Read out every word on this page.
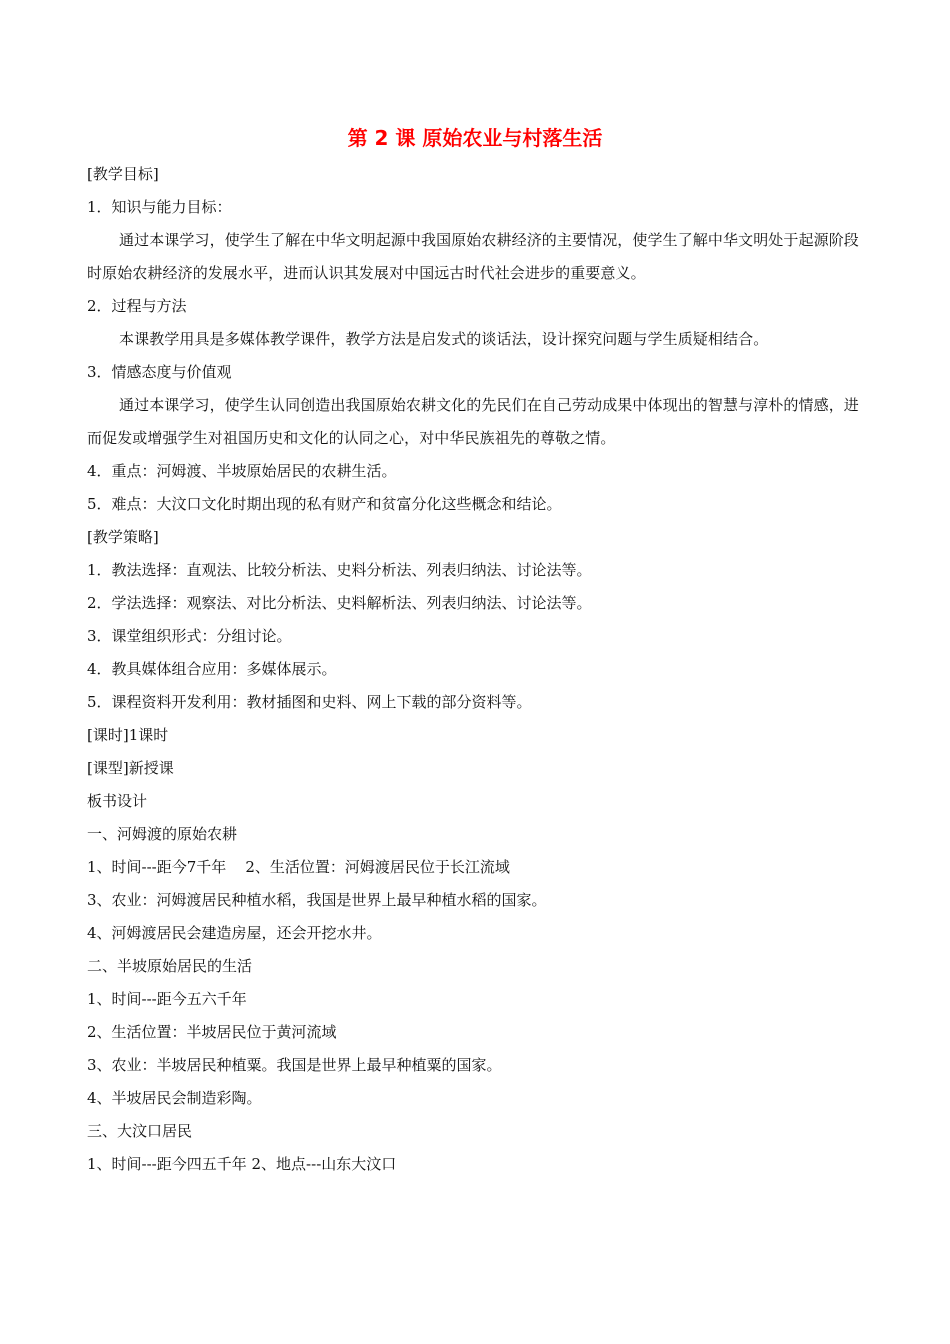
第 2 课 原始农业与村落生活
[教学目标]
1．知识与能力目标：
通过本课学习，使学生了解在中华文明起源中我国原始农耕经济的主要情况，使学生了解中华文明处于起源阶段时原始农耕经济的发展水平，进而认识其发展对中国远古时代社会进步的重要意义。
2．过程与方法
本课教学用具是多媒体教学课件，教学方法是启发式的谈话法，设计探究问题与学生质疑相结合。
3．情感态度与价值观
通过本课学习，使学生认同创造出我国原始农耕文化的先民们在自己劳动成果中体现出的智慧与淳朴的情感，进而促发或增强学生对祖国历史和文化的认同之心，对中华民族祖先的尊敬之情。
4．重点：河姆渡、半坡原始居民的农耕生活。
5．难点：大汶口文化时期出现的私有财产和贫富分化这些概念和结论。
[教学策略]
1．教法选择：直观法、比较分析法、史料分析法、列表归纳法、讨论法等。
2．学法选择：观察法、对比分析法、史料解析法、列表归纳法、讨论法等。
3．课堂组织形式：分组讨论。
4．教具媒体组合应用：多媒体展示。
5．课程资料开发利用：教材插图和史料、网上下载的部分资料等。
[课时]1课时
[课型]新授课
板书设计
一、河姆渡的原始农耕
1、时间---距今7千年    2、生活位置：河姆渡居民位于长江流域
3、农业：河姆渡居民种植水稻，我国是世界上最早种植水稻的国家。
4、河姆渡居民会建造房屋，还会开挖水井。
二、半坡原始居民的生活
1、时间---距今五六千年
2、生活位置：半坡居民位于黄河流域
3、农业：半坡居民种植粟。我国是世界上最早种植粟的国家。
4、半坡居民会制造彩陶。
三、大汶口居民
1、时间---距今四五千年 2、地点---山东大汶口
